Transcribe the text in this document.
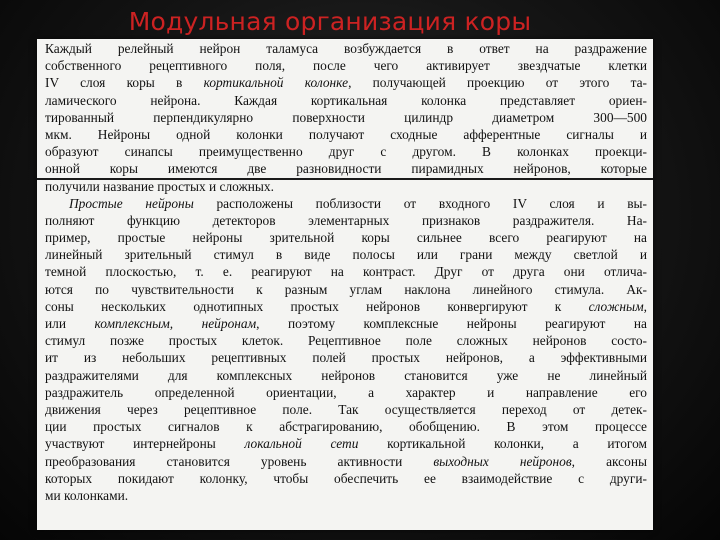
Модульная организация коры
Каждый релейный нейрон таламуса возбуждается в ответ на раздражение
собственного рецептивного поля, после чего активирует звездчатые клетки
IV слоя коры в кортикальной колонке, получающей проекцию от этого та-
ламического нейрона. Каждая кортикальная колонка представляет ориен-
тированный перпендикулярно поверхности цилиндр диаметром 300—500
мкм. Нейроны одной колонки получают сходные афферентные сигналы и
образуют синапсы преимущественно друг с другом. В колонках проекци-
онной коры имеются две разновидности пирамидных нейронов, которые
получили название простых и сложных.
Простые нейроны расположены поблизости от входного IV слоя и вы-
полняют функцию детекторов элементарных признаков раздражителя. На-
пример, простые нейроны зрительной коры сильнее всего реагируют на
линейный зрительный стимул в виде полосы или грани между светлой и
темной плоскостью, т. е. реагируют на контраст. Друг от друга они отлича-
ются по чувствительности к разным углам наклона линейного стимула. Ак-
соны нескольких однотипных простых нейронов конвергируют к сложным,
или комплексным, нейронам, поэтому комплексные нейроны реагируют на
стимул позже простых клеток. Рецептивное поле сложных нейронов состо-
ит из небольших рецептивных полей простых нейронов, а эффективными
раздражителями для комплексных нейронов становится уже не линейный
раздражитель определенной ориентации, а характер и направление его
движения через рецептивное поле. Так осуществляется переход от детек-
ции простых сигналов к абстрагированию, обобщению. В этом процессе
участвуют интернейроны локальной сети кортикальной колонки, а итогом
преобразования становится уровень активности выходных нейронов, аксоны
которых покидают колонку, чтобы обеспечить ее взаимодействие с други-
ми колонками.
